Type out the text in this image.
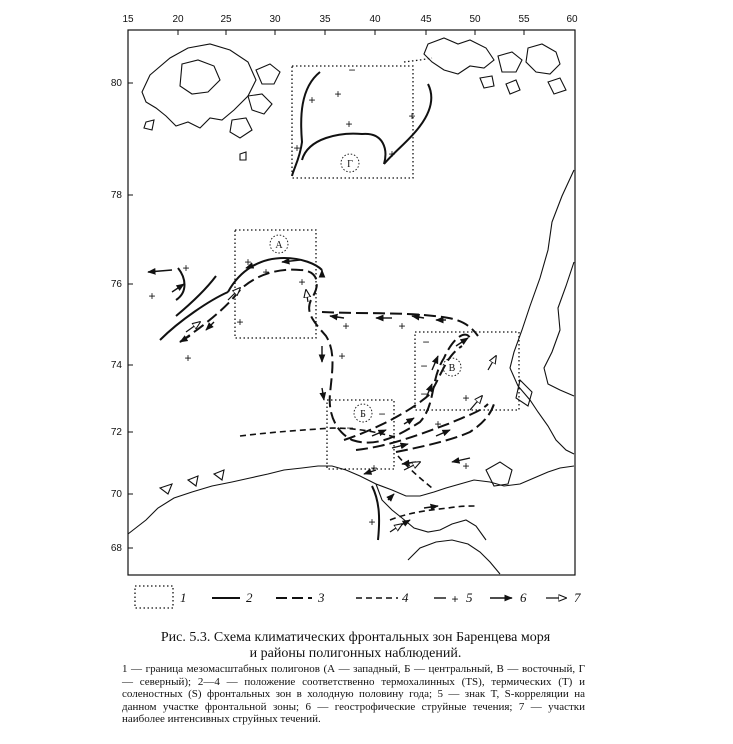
15	20	25	30	35	40	45	50	55	60
80
78
76
74
72
70
68
Г
А
Б
В
+ +
+
+	+
+
−
+
+
+
+
+
+
+
+	+
+
−
−
−	+
−
−	+
+	+
+
1	2	3	4	+ 5	6	7
Рис. 5.3. Схема климатических фронтальных зон Баренцева моря
и районы полигонных наблюдений.
1 — граница мезомасштабных полигонов (А — западный, Б — центральный, В — восточный, Г — северный); 2—4 — положение соответственно термохалинных (TS), термических (T) и соленостных (S) фронтальных зон в холодную половину года; 5 — знак T, S-корреляции на данном участке фронтальной зоны; 6 — геострофические струйные течения; 7 — участки наиболее интенсивных струйных течений.
